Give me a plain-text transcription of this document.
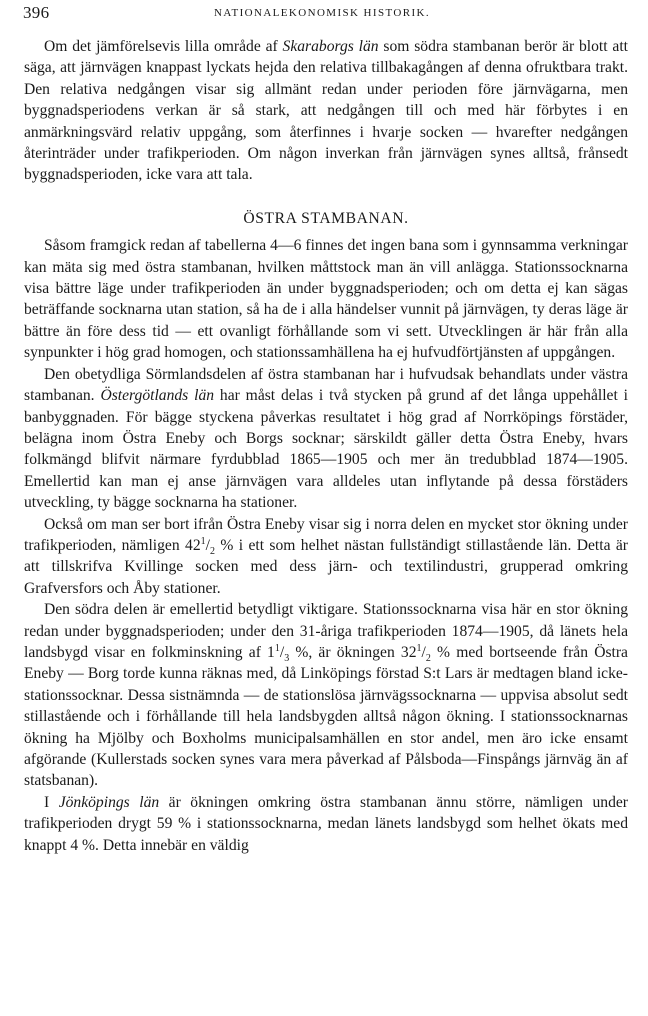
396	NATIONALEKONOMISK HISTORIK.

Om det jämförelsevis lilla område af Skaraborgs län som södra stambanan berör är blott att säga, att järnvägen knappast lyckats hejda den relativa tillbakagången af denna ofruktbara trakt. Den relativa nedgången visar sig allmänt redan under perioden före järnvägarna, men byggnadsperiodens verkan är så stark, att nedgången till och med här förbytes i en anmärkningsvärd relativ uppgång, som återfinnes i hvarje socken — hvarefter nedgången återinträder under trafikperioden. Om någon inverkan från järnvägen synes alltså, frånsedt byggnadsperioden, icke vara att tala.

ÖSTRA STAMBANAN.

Såsom framgick redan af tabellerna 4—6 finnes det ingen bana som i gynnsamma verkningar kan mäta sig med östra stambanan, hvilken måttstock man än vill anlägga. Stationssocknarna visa bättre läge under trafikperioden än under byggnadsperioden; och om detta ej kan sägas beträffande socknarna utan station, så ha de i alla händelser vunnit på järnvägen, ty deras läge är bättre än före dess tid — ett ovanligt förhållande som vi sett. Utvecklingen är här från alla synpunkter i hög grad homogen, och stationssamhällena ha ej hufvudförtjänsten af uppgången.

Den obetydliga Sörmlandsdelen af östra stambanan har i hufvudsak behandlats under västra stambanan. Östergötlands län har måst delas i två stycken på grund af det långa uppehållet i banbyggnaden. För bägge styckena påverkas resultatet i hög grad af Norrköpings förstäder, belägna inom Östra Eneby och Borgs socknar; särskildt gäller detta Östra Eneby, hvars folkmängd blifvit närmare fyrdubblad 1865—1905 och mer än tredubblad 1874—1905. Emellertid kan man ej anse järnvägen vara alldeles utan inflytande på dessa förstäders utveckling, ty bägge socknarna ha stationer.

Också om man ser bort ifrån Östra Eneby visar sig i norra delen en mycket stor ökning under trafikperioden, nämligen $42^1/_2$ % i ett som helhet nästan fullständigt stillastående län. Detta är att tillskrifva Kvillinge socken med dess järn- och textilindustri, grupperad omkring Grafversfors och Åby stationer.

Den södra delen är emellertid betydligt viktigare. Stationssocknarna visa här en stor ökning redan under byggnadsperioden; under den 31-åriga trafikperioden 1874—1905, då länets hela landsbygd visar en folkminskning af $1^1/_3$ %, är ökningen $32^1/_2$ % med bortseende från Östra Eneby — Borg torde kunna räknas med, då Linköpings förstad S:t Lars är medtagen bland icke-stationssocknar. Dessa sistnämnda — de stationslösa järnvägssocknarna — uppvisa absolut sedt stillastående och i förhållande till hela landsbygden alltså någon ökning. I stationssocknarnas ökning ha Mjölby och Boxholms municipalsamhällen en stor andel, men äro icke ensamt afgörande (Kullerstads socken synes vara mera påverkad af Pålsboda—Finspångs järnväg än af statsbanan).

I Jönköpings län är ökningen omkring östra stambanan ännu större, nämligen under trafikperioden drygt 59 % i stationssocknarna, medan länets landsbygd som helhet ökats med knappt 4 %. Detta innebär en väldig
